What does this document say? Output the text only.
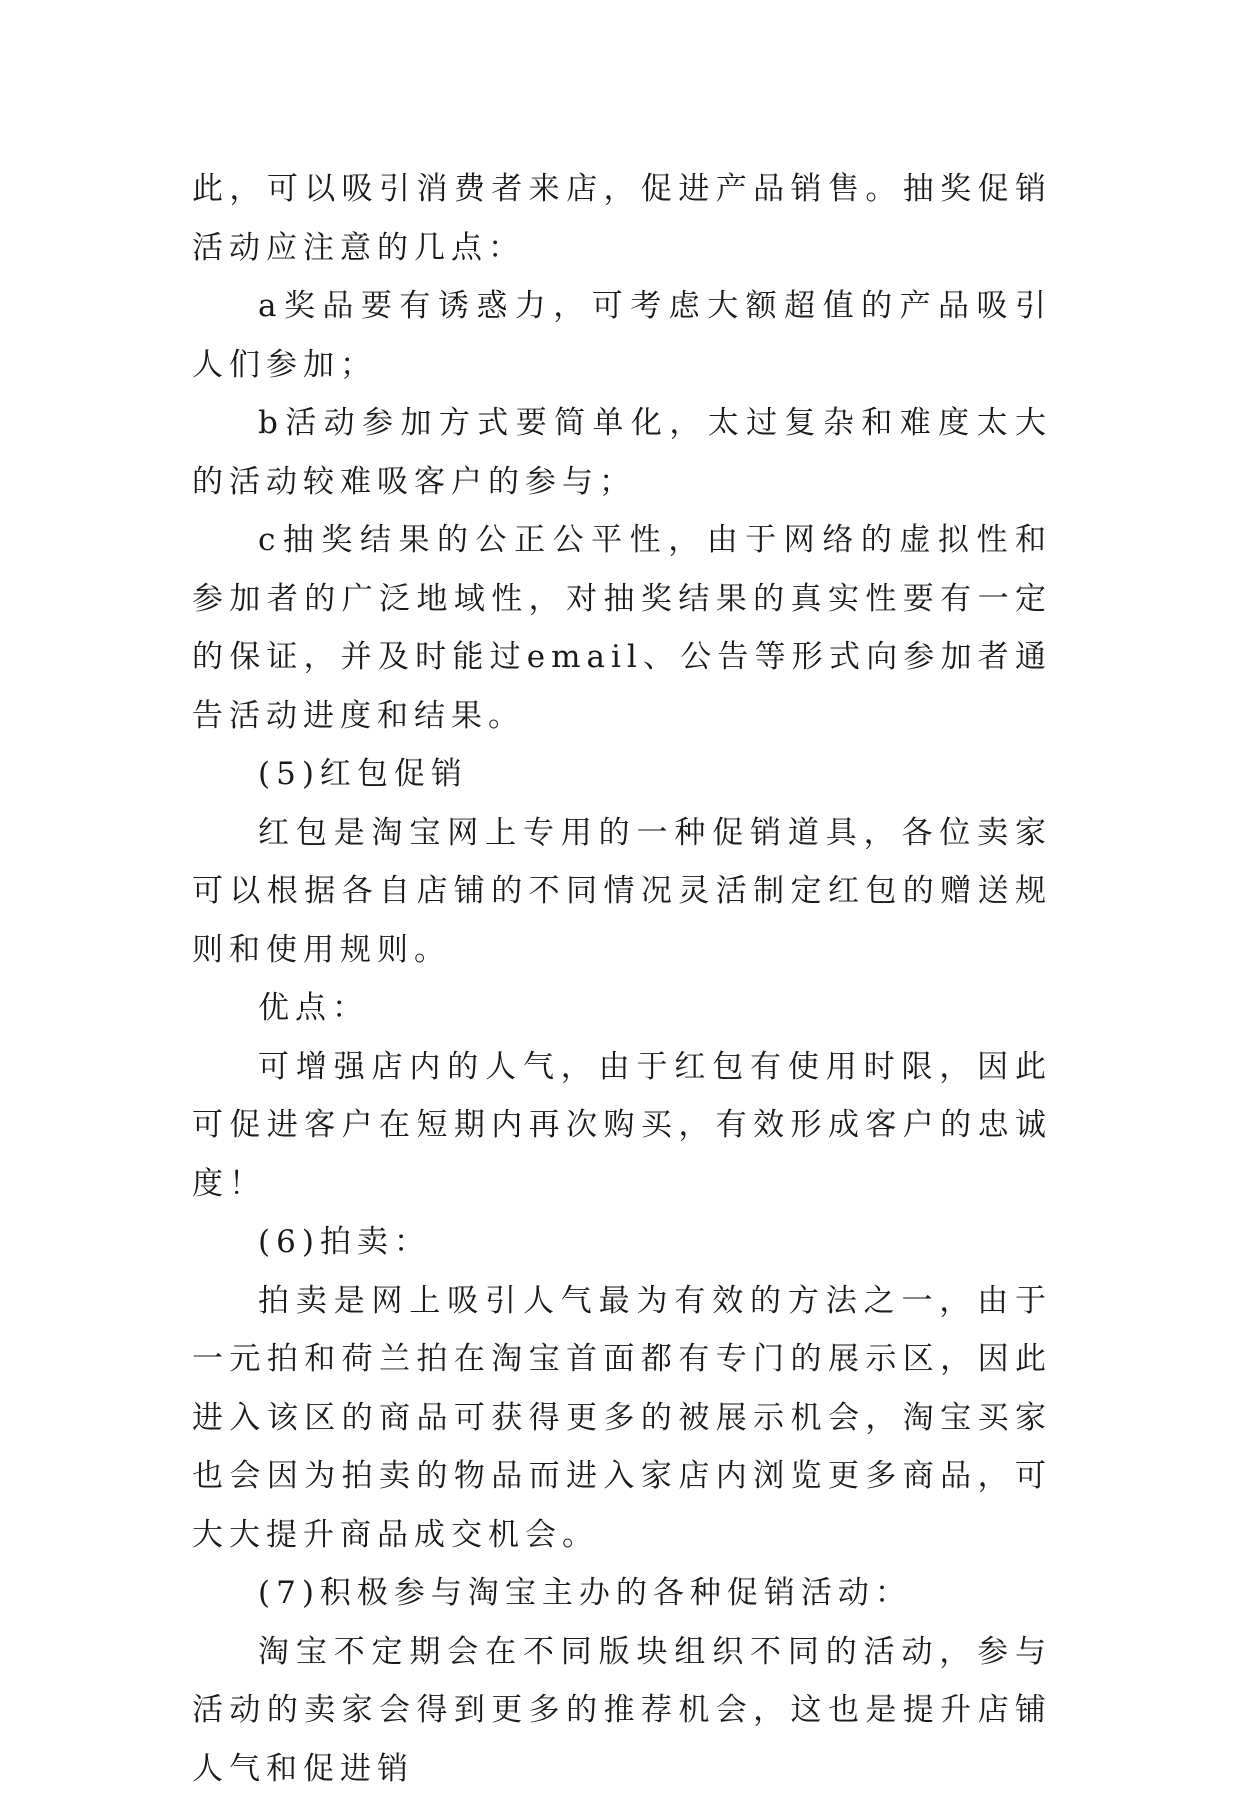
此，可以吸引消费者来店，促进产品销售。抽奖促销活动应注意的几点：

a奖品要有诱惑力，可考虑大额超值的产品吸引人们参加；

b活动参加方式要简单化，太过复杂和难度太大的活动较难吸客户的参与；

c抽奖结果的公正公平性，由于网络的虚拟性和参加者的广泛地域性，对抽奖结果的真实性要有一定的保证，并及时能过email、公告等形式向参加者通告活动进度和结果。

(5)红包促销

红包是淘宝网上专用的一种促销道具，各位卖家可以根据各自店铺的不同情况灵活制定红包的赠送规则和使用规则。

优点：

可增强店内的人气，由于红包有使用时限，因此可促进客户在短期内再次购买，有效形成客户的忠诚度！

(6)拍卖：

拍卖是网上吸引人气最为有效的方法之一，由于一元拍和荷兰拍在淘宝首面都有专门的展示区，因此进入该区的商品可获得更多的被展示机会，淘宝买家也会因为拍卖的物品而进入家店内浏览更多商品，可大大提升商品成交机会。

(7)积极参与淘宝主办的各种促销活动：

淘宝不定期会在不同版块组织不同的活动，参与活动的卖家会得到更多的推荐机会，这也是提升店铺人气和促进销
